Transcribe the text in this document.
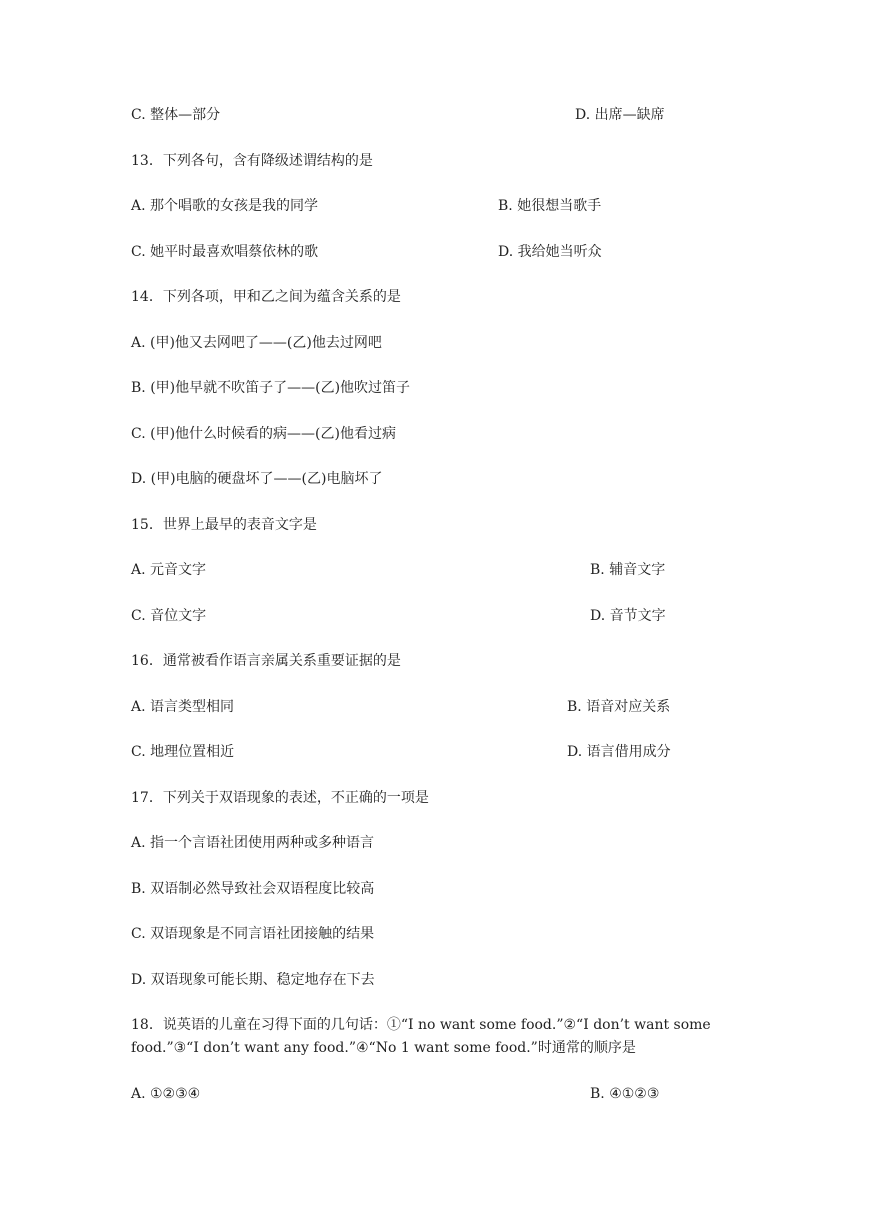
C. 整体—部分	D. 出席—缺席
13．下列各句，含有降级述谓结构的是
A. 那个唱歌的女孩是我的同学	B. 她很想当歌手
C. 她平时最喜欢唱蔡依林的歌	D. 我给她当听众
14．下列各项，甲和乙之间为蕴含关系的是
A. (甲)他又去网吧了——(乙)他去过网吧
B. (甲)他早就不吹笛子了——(乙)他吹过笛子
C. (甲)他什么时候看的病——(乙)他看过病
D. (甲)电脑的硬盘坏了——(乙)电脑坏了
15．世界上最早的表音文字是
A. 元音文字	B. 辅音文字
C. 音位文字	D. 音节文字
16．通常被看作语言亲属关系重要证据的是
A. 语言类型相同	B. 语音对应关系
C. 地理位置相近	D. 语言借用成分
17．下列关于双语现象的表述，不正确的一项是
A. 指一个言语社团使用两种或多种语言
B. 双语制必然导致社会双语程度比较高
C. 双语现象是不同言语社团接触的结果
D. 双语现象可能长期、稳定地存在下去
18．说英语的儿童在习得下面的几句话：①“I no want some food.”②“I don’t want some food.”③“I don’t want any food.”④“No 1 want some food.”时通常的顺序是
A. ①②③④	B. ④①②③
